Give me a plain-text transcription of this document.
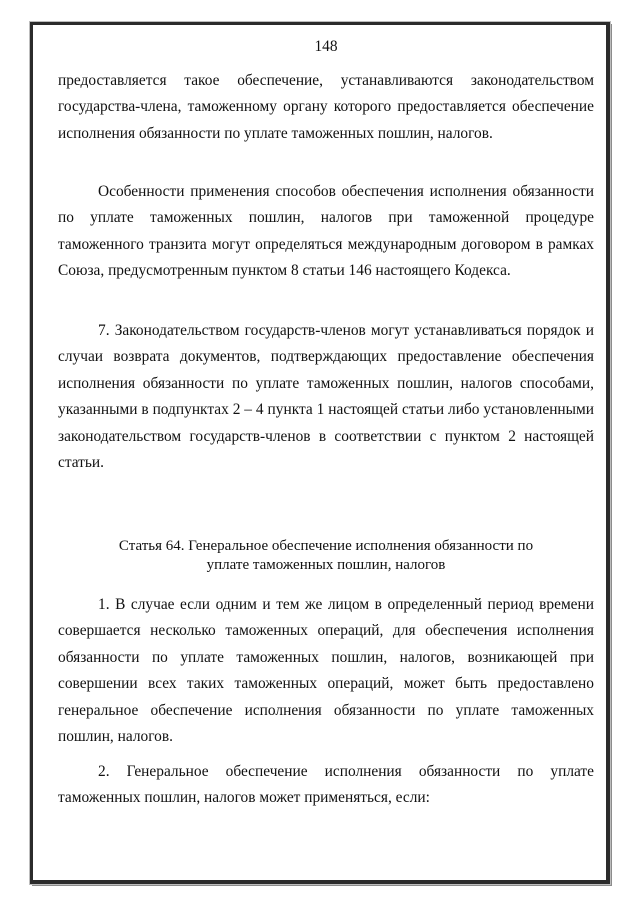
148

предоставляется такое обеспечение, устанавливаются законодательством государства-члена, таможенному органу которого предоставляется обеспечение исполнения обязанности по уплате таможенных пошлин, налогов.

Особенности применения способов обеспечения исполнения обязанности по уплате таможенных пошлин, налогов при таможенной процедуре таможенного транзита могут определяться международным договором в рамках Союза, предусмотренным пунктом 8 статьи 146 настоящего Кодекса.

7. Законодательством государств-членов могут устанавливаться порядок и случаи возврата документов, подтверждающих предоставление обеспечения исполнения обязанности по уплате таможенных пошлин, налогов способами, указанными в подпунктах 2 – 4 пункта 1 настоящей статьи либо установленными законодательством государств-членов в соответствии с пунктом 2 настоящей статьи.

Статья 64. Генеральное обеспечение исполнения обязанности по
уплате таможенных пошлин, налогов

1. В случае если одним и тем же лицом в определенный период времени совершается несколько таможенных операций, для обеспечения исполнения обязанности по уплате таможенных пошлин, налогов, возникающей при совершении всех таких таможенных операций, может быть предоставлено генеральное обеспечение исполнения обязанности по уплате таможенных пошлин, налогов.

2. Генеральное обеспечение исполнения обязанности по уплате таможенных пошлин, налогов может применяться, если:
